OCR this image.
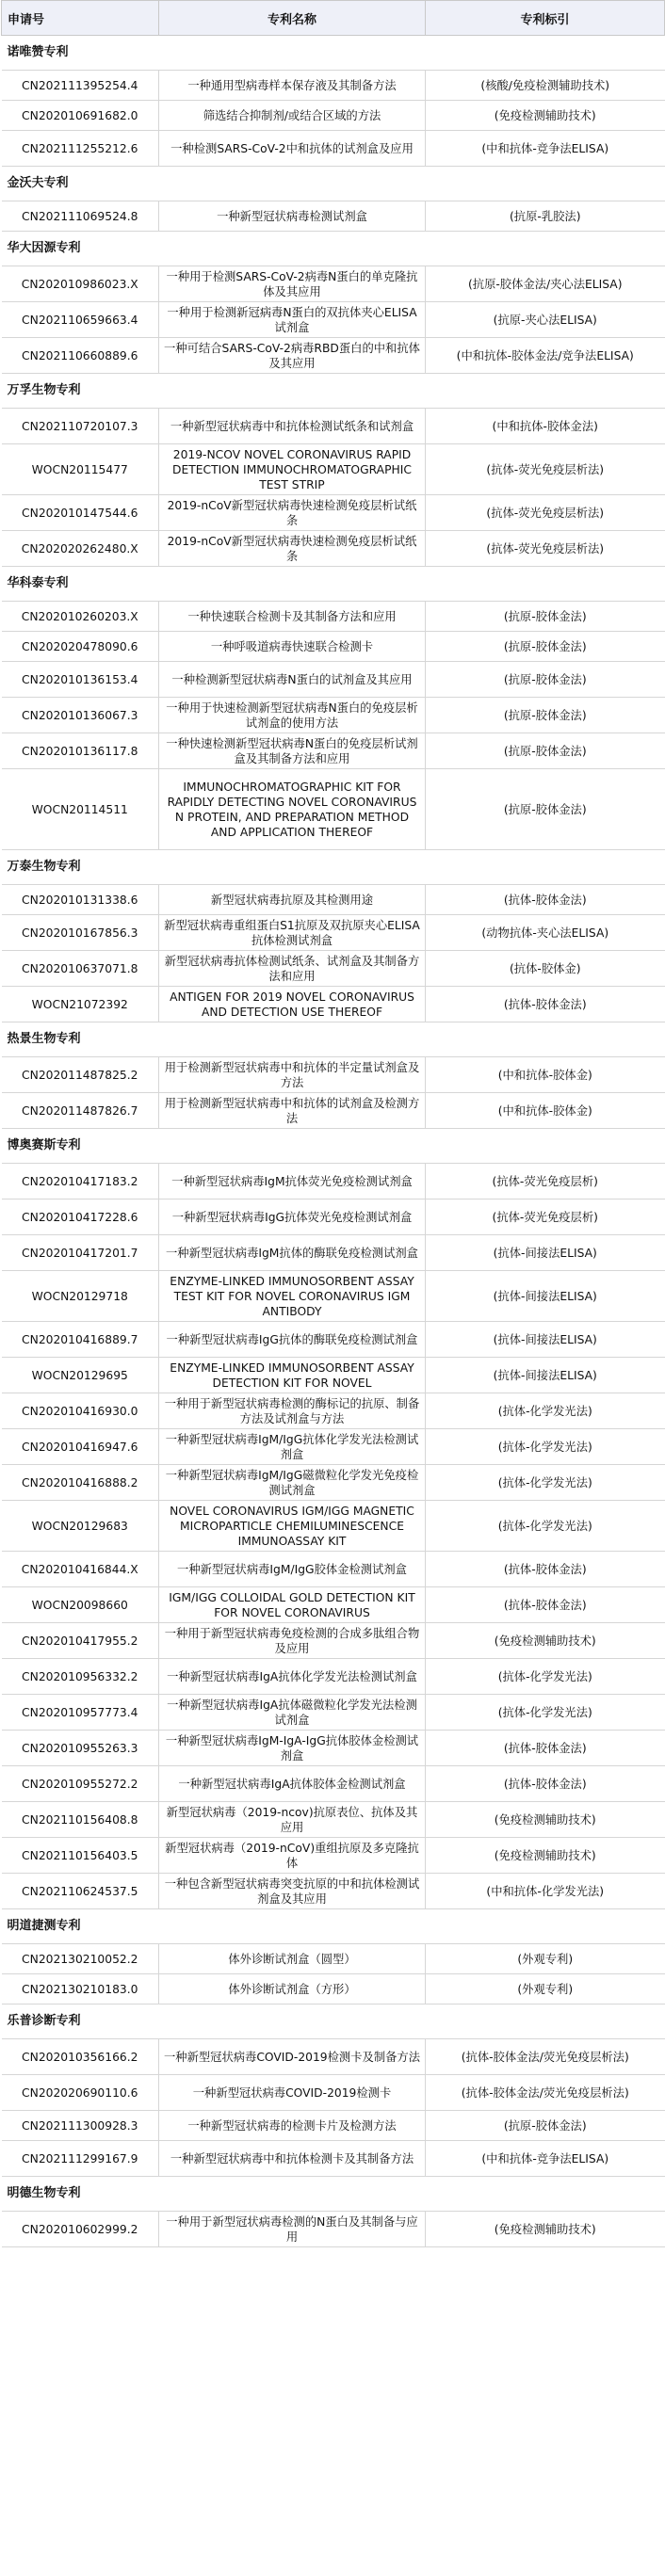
申请号	专利名称	专利标引
诺唯赞专利		
CN202111395254.4	一种通用型病毒样本保存液及其制备方法	(核酸/免疫检测辅助技术)
CN202010691682.0	筛选结合抑制剂/或结合区域的方法	(免疫检测辅助技术)
CN202111255212.6	一种检测SARS-CoV-2中和抗体的试剂盒及应用	(中和抗体-竞争法ELISA)
金沃夫专利		
CN202111069524.8	一种新型冠状病毒检测试剂盒	(抗原-乳胶法)
华大因源专利		
CN202010986023.X	一种用于检测SARS-CoV-2病毒N蛋白的单克隆抗体及其应用	(抗原-胶体金法/夹心法ELISA)
CN202110659663.4	一种用于检测新冠病毒N蛋白的双抗体夹心ELISA试剂盒	(抗原-夹心法ELISA)
CN202110660889.6	一种可结合SARS-CoV-2病毒RBD蛋白的中和抗体及其应用	(中和抗体-胶体金法/竞争法ELISA)
万孚生物专利		
CN202110720107.3	一种新型冠状病毒中和抗体检测试纸条和试剂盒	(中和抗体-胶体金法)
WOCN20115477	2019-NCOV NOVEL CORONAVIRUS RAPID DETECTION IMMUNOCHROMATOGRAPHIC TEST STRIP	(抗体-荧光免疫层析法)
CN202010147544.6	2019-nCoV新型冠状病毒快速检测免疫层析试纸条	(抗体-荧光免疫层析法)
CN202020262480.X	2019-nCoV新型冠状病毒快速检测免疫层析试纸条	(抗体-荧光免疫层析法)
华科泰专利		
CN202010260203.X	一种快速联合检测卡及其制备方法和应用	(抗原-胶体金法)
CN202020478090.6	一种呼吸道病毒快速联合检测卡	(抗原-胶体金法)
CN202010136153.4	一种检测新型冠状病毒N蛋白的试剂盒及其应用	(抗原-胶体金法)
CN202010136067.3	一种用于快速检测新型冠状病毒N蛋白的免疫层析试剂盒的使用方法	(抗原-胶体金法)
CN202010136117.8	一种快速检测新型冠状病毒N蛋白的免疫层析试剂盒及其制备方法和应用	(抗原-胶体金法)
WOCN20114511	IMMUNOCHROMATOGRAPHIC KIT FOR RAPIDLY DETECTING NOVEL CORONAVIRUS N PROTEIN, AND PREPARATION METHOD AND APPLICATION THEREOF	(抗原-胶体金法)
万泰生物专利		
CN202010131338.6	新型冠状病毒抗原及其检测用途	(抗体-胶体金法)
CN202010167856.3	新型冠状病毒重组蛋白S1抗原及双抗原夹心ELISA抗体检测试剂盒	(动物抗体-夹心法ELISA)
CN202010637071.8	新型冠状病毒抗体检测试纸条、试剂盒及其制备方法和应用	(抗体-胶体金)
WOCN21072392	ANTIGEN FOR 2019 NOVEL CORONAVIRUS AND DETECTION USE THEREOF	(抗体-胶体金法)
热景生物专利		
CN202011487825.2	用于检测新型冠状病毒中和抗体的半定量试剂盒及方法	(中和抗体-胶体金)
CN202011487826.7	用于检测新型冠状病毒中和抗体的试剂盒及检测方法	(中和抗体-胶体金)
博奥赛斯专利		
CN202010417183.2	一种新型冠状病毒IgM抗体荧光免疫检测试剂盒	(抗体-荧光免疫层析)
CN202010417228.6	一种新型冠状病毒IgG抗体荧光免疫检测试剂盒	(抗体-荧光免疫层析)
CN202010417201.7	一种新型冠状病毒IgM抗体的酶联免疫检测试剂盒	(抗体-间接法ELISA)
WOCN20129718	ENZYME-LINKED IMMUNOSORBENT ASSAY TEST KIT FOR NOVEL CORONAVIRUS IGM ANTIBODY	(抗体-间接法ELISA)
CN202010416889.7	一种新型冠状病毒IgG抗体的酶联免疫检测试剂盒	(抗体-间接法ELISA)
WOCN20129695	ENZYME-LINKED IMMUNOSORBENT ASSAY DETECTION KIT FOR NOVEL	(抗体-间接法ELISA)
CN202010416930.0	一种用于新型冠状病毒检测的酶标记的抗原、制备方法及试剂盒与方法	(抗体-化学发光法)
CN202010416947.6	一种新型冠状病毒IgM/IgG抗体化学发光法检测试剂盒	(抗体-化学发光法)
CN202010416888.2	一种新型冠状病毒IgM/IgG磁微粒化学发光免疫检测试剂盒	(抗体-化学发光法)
WOCN20129683	NOVEL CORONAVIRUS IGM/IGG MAGNETIC MICROPARTICLE CHEMILUMINESCENCE IMMUNOASSAY KIT	(抗体-化学发光法)
CN202010416844.X	一种新型冠状病毒IgM/IgG胶体金检测试剂盒	(抗体-胶体金法)
WOCN20098660	IGM/IGG COLLOIDAL GOLD DETECTION KIT FOR NOVEL CORONAVIRUS	(抗体-胶体金法)
CN202010417955.2	一种用于新型冠状病毒免疫检测的合成多肽组合物及应用	(免疫检测辅助技术)
CN202010956332.2	一种新型冠状病毒IgA抗体化学发光法检测试剂盒	(抗体-化学发光法)
CN202010957773.4	一种新型冠状病毒IgA抗体磁微粒化学发光法检测试剂盒	(抗体-化学发光法)
CN202010955263.3	一种新型冠状病毒IgM-IgA-IgG抗体胶体金检测试剂盒	(抗体-胶体金法)
CN202010955272.2	一种新型冠状病毒IgA抗体胶体金检测试剂盒	(抗体-胶体金法)
CN202110156408.8	新型冠状病毒（2019-ncov)抗原表位、抗体及其应用	(免疫检测辅助技术)
CN202110156403.5	新型冠状病毒（2019-nCoV)重组抗原及多克隆抗体	(免疫检测辅助技术)
CN202110624537.5	一种包含新型冠状病毒突变抗原的中和抗体检测试剂盒及其应用	(中和抗体-化学发光法)
明道捷测专利		
CN202130210052.2	体外诊断试剂盒（圆型）	(外观专利)
CN202130210183.0	体外诊断试剂盒（方形）	(外观专利)
乐普诊断专利		
CN202010356166.2	一种新型冠状病毒COVID-2019检测卡及制备方法	(抗体-胶体金法/荧光免疫层析法)
CN202020690110.6	一种新型冠状病毒COVID-2019检测卡	(抗体-胶体金法/荧光免疫层析法)
CN202111300928.3	一种新型冠状病毒的检测卡片及检测方法	(抗原-胶体金法)
CN202111299167.9	一种新型冠状病毒中和抗体检测卡及其制备方法	(中和抗体-竞争法ELISA)
明德生物专利		
CN202010602999.2	一种用于新型冠状病毒检测的N蛋白及其制备与应用	(免疫检测辅助技术)
